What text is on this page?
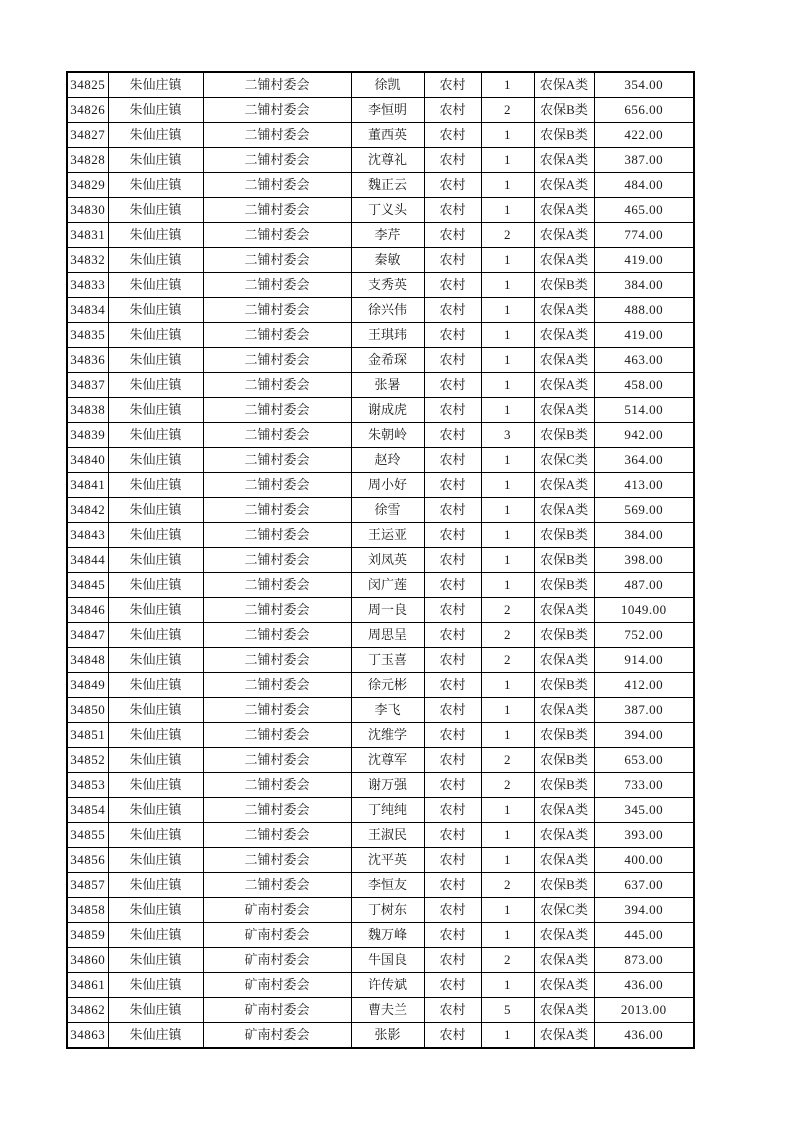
34825	朱仙庄镇	二铺村委会	徐凯	农村	1	农保A类	354.00
34826	朱仙庄镇	二铺村委会	李恒明	农村	2	农保B类	656.00
34827	朱仙庄镇	二铺村委会	董西英	农村	1	农保B类	422.00
34828	朱仙庄镇	二铺村委会	沈尊礼	农村	1	农保A类	387.00
34829	朱仙庄镇	二铺村委会	魏正云	农村	1	农保A类	484.00
34830	朱仙庄镇	二铺村委会	丁义头	农村	1	农保A类	465.00
34831	朱仙庄镇	二铺村委会	李芹	农村	2	农保A类	774.00
34832	朱仙庄镇	二铺村委会	秦敏	农村	1	农保A类	419.00
34833	朱仙庄镇	二铺村委会	支秀英	农村	1	农保B类	384.00
34834	朱仙庄镇	二铺村委会	徐兴伟	农村	1	农保A类	488.00
34835	朱仙庄镇	二铺村委会	王琪玮	农村	1	农保A类	419.00
34836	朱仙庄镇	二铺村委会	金希琛	农村	1	农保A类	463.00
34837	朱仙庄镇	二铺村委会	张暑	农村	1	农保A类	458.00
34838	朱仙庄镇	二铺村委会	谢成虎	农村	1	农保A类	514.00
34839	朱仙庄镇	二铺村委会	朱朝岭	农村	3	农保B类	942.00
34840	朱仙庄镇	二铺村委会	赵玲	农村	1	农保C类	364.00
34841	朱仙庄镇	二铺村委会	周小好	农村	1	农保A类	413.00
34842	朱仙庄镇	二铺村委会	徐雪	农村	1	农保A类	569.00
34843	朱仙庄镇	二铺村委会	王运亚	农村	1	农保B类	384.00
34844	朱仙庄镇	二铺村委会	刘凤英	农村	1	农保B类	398.00
34845	朱仙庄镇	二铺村委会	闵广莲	农村	1	农保B类	487.00
34846	朱仙庄镇	二铺村委会	周一良	农村	2	农保A类	1049.00
34847	朱仙庄镇	二铺村委会	周思呈	农村	2	农保B类	752.00
34848	朱仙庄镇	二铺村委会	丁玉喜	农村	2	农保A类	914.00
34849	朱仙庄镇	二铺村委会	徐元彬	农村	1	农保B类	412.00
34850	朱仙庄镇	二铺村委会	李飞	农村	1	农保A类	387.00
34851	朱仙庄镇	二铺村委会	沈维学	农村	1	农保B类	394.00
34852	朱仙庄镇	二铺村委会	沈尊军	农村	2	农保B类	653.00
34853	朱仙庄镇	二铺村委会	谢万强	农村	2	农保B类	733.00
34854	朱仙庄镇	二铺村委会	丁纯纯	农村	1	农保A类	345.00
34855	朱仙庄镇	二铺村委会	王淑民	农村	1	农保A类	393.00
34856	朱仙庄镇	二铺村委会	沈平英	农村	1	农保A类	400.00
34857	朱仙庄镇	二铺村委会	李恒友	农村	2	农保B类	637.00
34858	朱仙庄镇	矿南村委会	丁树东	农村	1	农保C类	394.00
34859	朱仙庄镇	矿南村委会	魏万峰	农村	1	农保A类	445.00
34860	朱仙庄镇	矿南村委会	牛国良	农村	2	农保A类	873.00
34861	朱仙庄镇	矿南村委会	许传斌	农村	1	农保A类	436.00
34862	朱仙庄镇	矿南村委会	曹夫兰	农村	5	农保A类	2013.00
34863	朱仙庄镇	矿南村委会	张影	农村	1	农保A类	436.00
